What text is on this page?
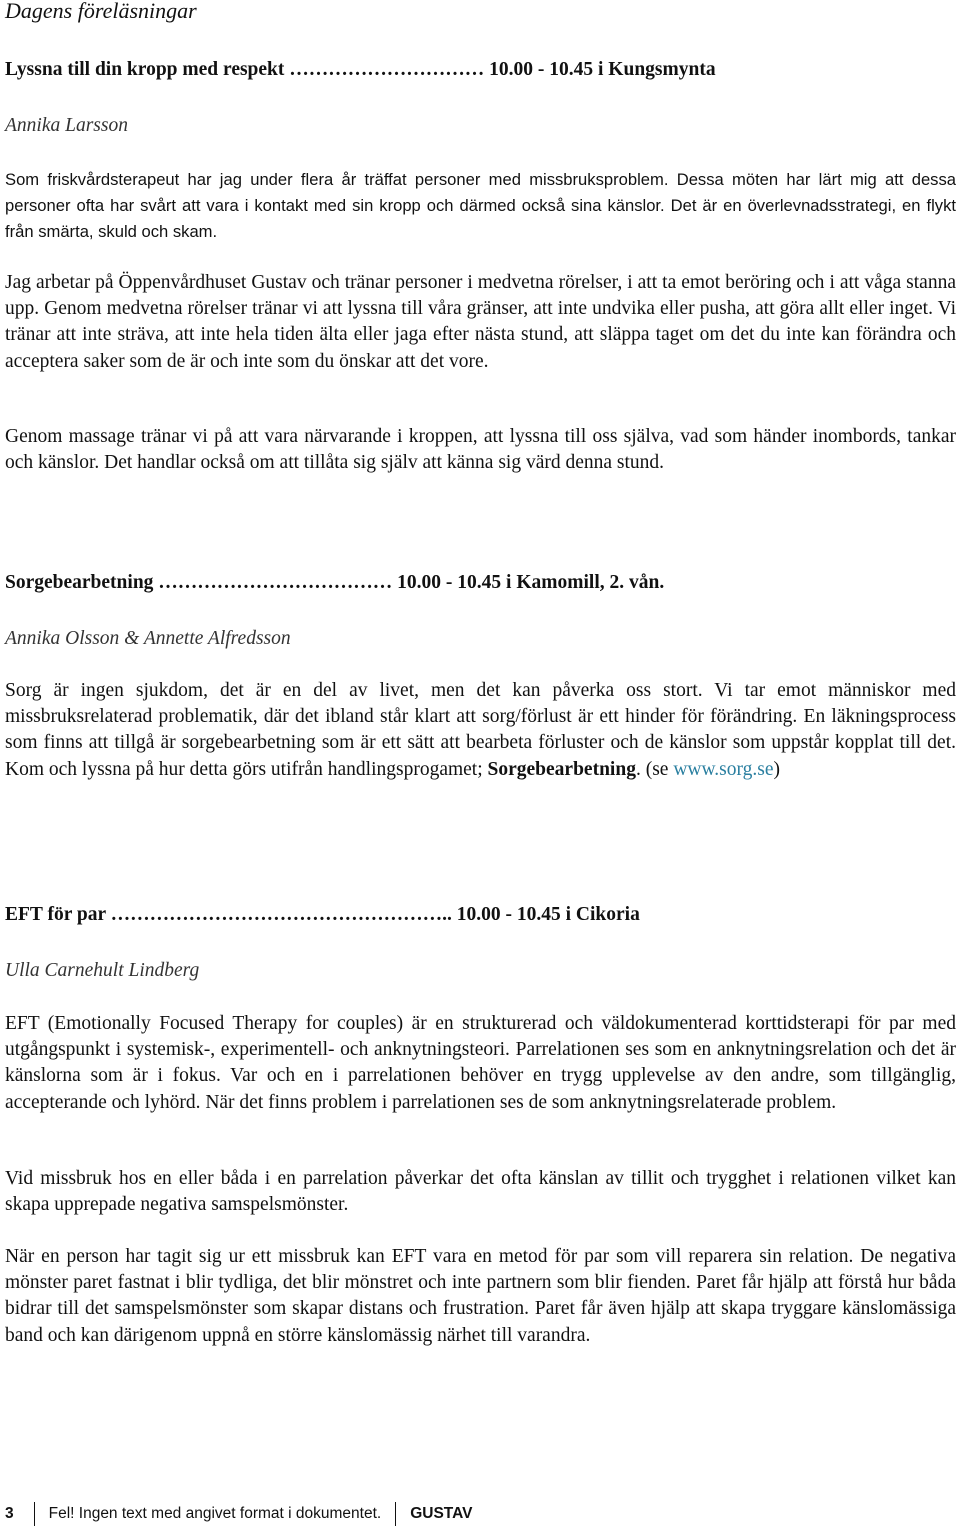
Dagens föreläsningar
Lyssna till din kropp med respekt ………………………… 10.00 - 10.45 i Kungsmynta
Annika Larsson

Som friskvårdsterapeut har jag under flera år träffat personer med missbruksproblem. Dessa möten har lärt mig att dessa personer ofta har svårt att vara i kontakt med sin kropp och därmed också sina känslor. Det är en överlevnadsstrategi, en flykt från smärta, skuld och skam.

Jag arbetar på Öppenvårdhuset Gustav och tränar personer i medvetna rörelser, i att ta emot beröring och i att våga stanna upp. Genom medvetna rörelser tränar vi att lyssna till våra gränser, att inte undvika eller pusha, att göra allt eller inget. Vi tränar att inte sträva, att inte hela tiden älta eller jaga efter nästa stund, att släppa taget om det du inte kan förändra och acceptera saker som de är och inte som du önskar att det vore.

Genom massage tränar vi på att vara närvarande i kroppen, att lyssna till oss själva, vad som händer inombords, tankar och känslor. Det handlar också om att tillåta sig själv att känna sig värd denna stund.

Sorgebearbetning ……………………………… 10.00 - 10.45 i Kamomill, 2. vån.
Annika Olsson & Annette Alfredsson

Sorg är ingen sjukdom, det är en del av livet, men det kan påverka oss stort. Vi tar emot människor med missbruksrelaterad problematik, där det ibland står klart att sorg/förlust är ett hinder för förändring. En läkningsprocess som finns att tillgå är sorgebearbetning som är ett sätt att bearbeta förluster och de känslor som uppstår kopplat till det. Kom och lyssna på hur detta görs utifrån handlingsprogamet; Sorgebearbetning. (se www.sorg.se)

EFT för par …………………………………………….. 10.00 - 10.45 i Cikoria
Ulla Carnehult Lindberg

EFT (Emotionally Focused Therapy for couples) är en strukturerad och väldokumenterad korttidsterapi för par med utgångspunkt i systemisk-, experimentell- och anknytningsteori. Parrelationen ses som en anknytningsrelation och det är känslorna som är i fokus. Var och en i parrelationen behöver en trygg upplevelse av den andre, som tillgänglig, accepterande och lyhörd. När det finns problem i parrelationen ses de som anknytningsrelaterade problem.

Vid missbruk hos en eller båda i en parrelation påverkar det ofta känslan av tillit och trygghet i relationen vilket kan skapa upprepade negativa samspelsmönster.

När en person har tagit sig ur ett missbruk kan EFT vara en metod för par som vill reparera sin relation. De negativa mönster paret fastnat i blir tydliga, det blir mönstret och inte partnern som blir fienden. Paret får hjälp att förstå hur båda bidrar till det samspelsmönster som skapar distans och frustration. Paret får även hjälp att skapa tryggare känslomässiga band och kan därigenom uppnå en större känslomässig närhet till varandra.

3 Fel! Ingen text med angivet format i dokumentet. GUSTAV
